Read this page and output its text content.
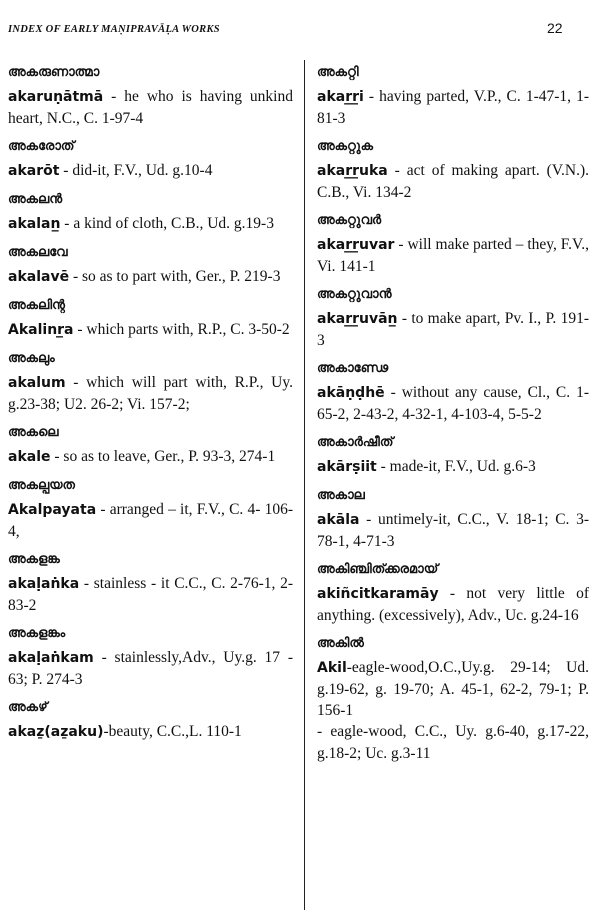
INDEX OF EARLY MAṆIPRAVĀḶA WORKS	22

അകരുണാത്മാ

akaruṇātmā - he who is having unkind heart, N.C., C. 1-97-4

അകരോത്

akarōt - did-it, F.V., Ud. g.10-4

അകലൻ

akalan̲ - a kind of cloth, C.B., Ud. g.19-3

അകലവേ

akalavē - so as to part with, Ger., P. 219-3

അകലിന്റ

Akalinr̲a - which parts with, R.P., C. 3-50-2

അകലും

akalum - which will part with, R.P., Uy. g.23-38; U2. 26-2; Vi. 157-2;

അകലെ

akale - so as to leave, Ger., P. 93-3, 274-1

അകല്പയത

Akalpayata - arranged – it, F.V., C. 4- 106-4,

അകളങ്ക

akaḷaṅka - stainless - it C.C., C. 2-76-1, 2-83-2

അകളങ്കം

akaḷaṅkam - stainlessly,Adv., Uy.g. 17 - 63; P. 274-3

അകഴ്

akaẕ(aẕaku)-beauty, C.C.,L. 110-1

അകറ്റി

akar̲r̲i - having parted, V.P., C. 1-47-1, 1-81-3

അകറ്റുക

akar̲r̲uka - act of making apart. (V.N.). C.B., Vi. 134-2

അകറ്റുവർ

akar̲r̲uvar - will make parted – they, F.V., Vi. 141-1

അകറ്റുവാൻ

akar̲r̲uvān̲ - to make apart, Pv. I., P. 191-3

അകാണ്ഢേ

akāṇḍhē - without any cause, Cl., C. 1-65-2, 2-43-2, 4-32-1, 4-103-4, 5-5-2

അകാർഷീത്

akārṣiit - made-it, F.V., Ud. g.6-3

അകാല

akāla - untimely-it, C.C., V. 18-1; C. 3-78-1, 4-71-3

അകിഞ്ചിത്ക്കരമായ്

akiñcitkaramāy - not very little of anything. (excessively), Adv., Uc. g.24-16

അകിൽ

Akil-eagle-wood,O.C.,Uy.g. 29-14; Ud. g.19-62, g. 19-70; A. 45-1, 62-2, 79-1; P. 156-1

- eagle-wood, C.C., Uy. g.6-40, g.17-22, g.18-2; Uc. g.3-11
